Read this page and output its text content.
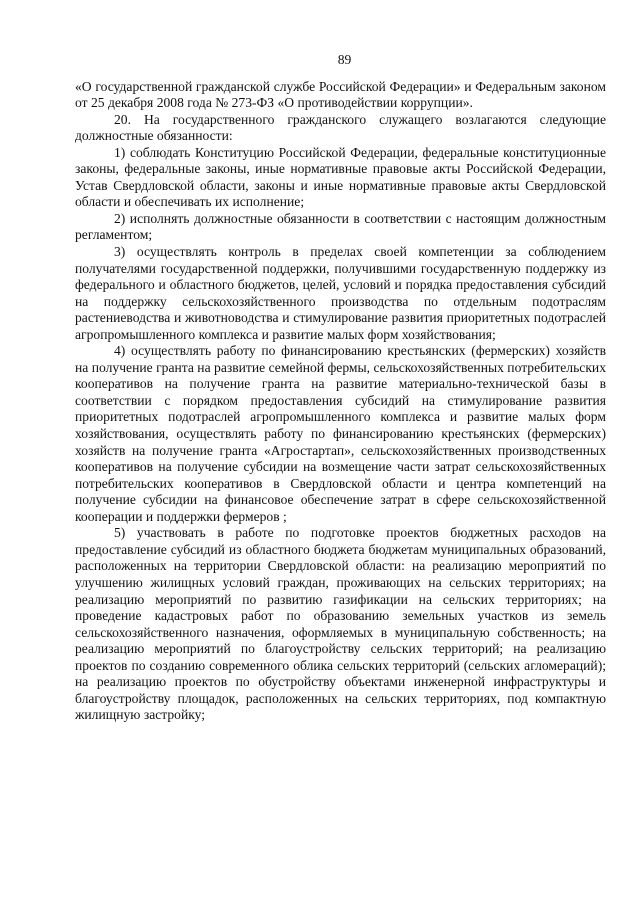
89

«О государственной гражданской службе Российской Федерации» и Федеральным законом от 25 декабря 2008 года № 273-ФЗ «О противодействии коррупции».

20. На государственного гражданского служащего возлагаются следующие должностные обязанности:

1) соблюдать Конституцию Российской Федерации, федеральные конституционные законы, федеральные законы, иные нормативные правовые акты Российской Федерации, Устав Свердловской области, законы и иные нормативные правовые акты Свердловской области и обеспечивать их исполнение;

2) исполнять должностные обязанности в соответствии с настоящим должностным регламентом;

3) осуществлять контроль в пределах своей компетенции за соблюдением получателями государственной поддержки, получившими государственную поддержку из федерального и областного бюджетов, целей, условий и порядка предоставления субсидий на поддержку сельскохозяйственного производства по отдельным подотраслям растениеводства и животноводства и стимулирование развития приоритетных подотраслей агропромышленного комплекса и развитие малых форм хозяйствования;

4) осуществлять работу по финансированию крестьянских (фермерских) хозяйств на получение гранта на развитие семейной фермы, сельскохозяйственных потребительских кооперативов на получение гранта на развитие материально-технической базы в соответствии с порядком предоставления субсидий на стимулирование развития приоритетных подотраслей агропромышленного комплекса и развитие малых форм хозяйствования, осуществлять работу по финансированию крестьянских (фермерских) хозяйств на получение гранта «Агростартап», сельскохозяйственных производственных кооперативов на получение субсидии на возмещение части затрат сельскохозяйственных потребительских кооперативов в Свердловской области и центра компетенций на получение субсидии на финансовое обеспечение затрат в сфере сельскохозяйственной кооперации и поддержки фермеров ;

5) участвовать в работе по подготовке проектов бюджетных расходов на предоставление субсидий из областного бюджета бюджетам муниципальных образований, расположенных на территории Свердловской области: на реализацию мероприятий по улучшению жилищных условий граждан, проживающих на сельских территориях; на реализацию мероприятий по развитию газификации на сельских территориях; на проведение кадастровых работ по образованию земельных участков из земель сельскохозяйственного назначения, оформляемых в муниципальную собственность; на реализацию мероприятий по благоустройству сельских территорий; на реализацию проектов по созданию современного облика сельских территорий (сельских агломераций); на реализацию проектов по обустройству объектами инженерной инфраструктуры и благоустройству площадок, расположенных на сельских территориях, под компактную жилищную застройку;
